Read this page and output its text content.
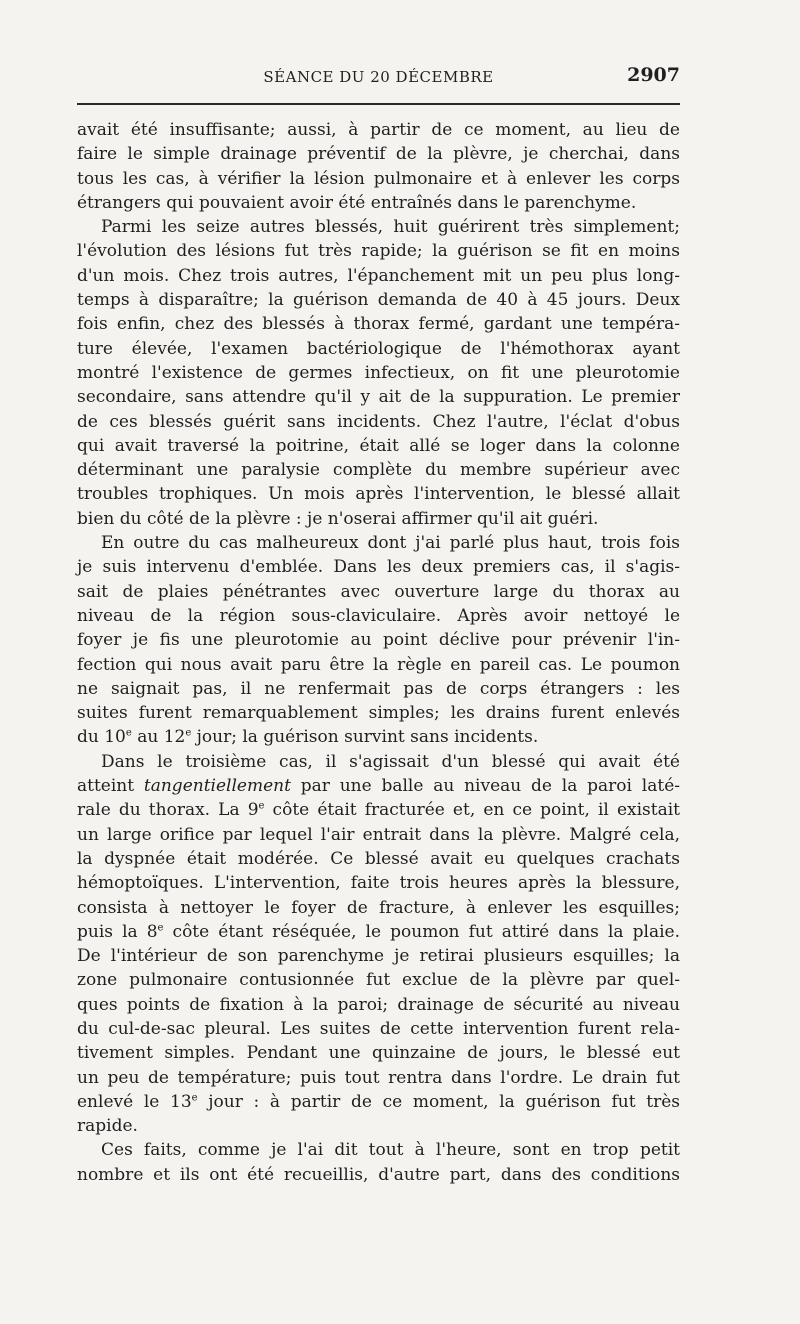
SÉANCE DU 20 DÉCEMBRE	2907
avait été insuffisante; aussi, à partir de ce moment, au lieu de
faire le simple drainage préventif de la plèvre, je cherchai, dans
tous les cas, à vérifier la lésion pulmonaire et à enlever les corps
étrangers qui pouvaient avoir été entraînés dans le parenchyme.
Parmi les seize autres blessés, huit guérirent très simplement;
l'évolution des lésions fut très rapide; la guérison se fit en moins
d'un mois. Chez trois autres, l'épanchement mit un peu plus long-
temps à disparaître; la guérison demanda de 40 à 45 jours. Deux
fois enfin, chez des blessés à thorax fermé, gardant une tempéra-
ture élevée, l'examen bactériologique de l'hémothorax ayant
montré l'existence de germes infectieux, on fit une pleurotomie
secondaire, sans attendre qu'il y ait de la suppuration. Le premier
de ces blessés guérit sans incidents. Chez l'autre, l'éclat d'obus
qui avait traversé la poitrine, était allé se loger dans la colonne
déterminant une paralysie complète du membre supérieur avec
troubles trophiques. Un mois après l'intervention, le blessé allait
bien du côté de la plèvre : je n'oserai affirmer qu'il ait guéri.
En outre du cas malheureux dont j'ai parlé plus haut, trois fois
je suis intervenu d'emblée. Dans les deux premiers cas, il s'agis-
sait de plaies pénétrantes avec ouverture large du thorax au
niveau de la région sous-claviculaire. Après avoir nettoyé le
foyer je fis une pleurotomie au point déclive pour prévenir l'in-
fection qui nous avait paru être la règle en pareil cas. Le poumon
ne saignait pas, il ne renfermait pas de corps étrangers : les
suites furent remarquablement simples; les drains furent enlevés
du 10e au 12e jour; la guérison survint sans incidents.
Dans le troisième cas, il s'agissait d'un blessé qui avait été
atteint tangentiellement par une balle au niveau de la paroi laté-
rale du thorax. La 9e côte était fracturée et, en ce point, il existait
un large orifice par lequel l'air entrait dans la plèvre. Malgré cela,
la dyspnée était modérée. Ce blessé avait eu quelques crachats
hémoptoïques. L'intervention, faite trois heures après la blessure,
consista à nettoyer le foyer de fracture, à enlever les esquilles;
puis la 8e côte étant réséquée, le poumon fut attiré dans la plaie.
De l'intérieur de son parenchyme je retirai plusieurs esquilles; la
zone pulmonaire contusionnée fut exclue de la plèvre par quel-
ques points de fixation à la paroi; drainage de sécurité au niveau
du cul-de-sac pleural. Les suites de cette intervention furent rela-
tivement simples. Pendant une quinzaine de jours, le blessé eut
un peu de température; puis tout rentra dans l'ordre. Le drain fut
enlevé le 13e jour : à partir de ce moment, la guérison fut très
rapide.
Ces faits, comme je l'ai dit tout à l'heure, sont en trop petit
nombre et ils ont été recueillis, d'autre part, dans des conditions
